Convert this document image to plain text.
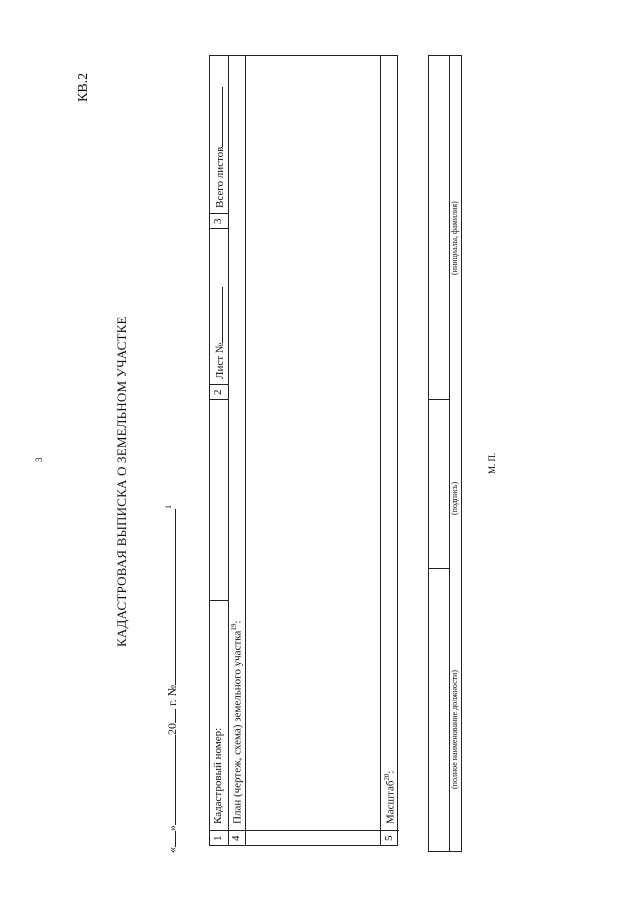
КВ.2
3	КАДАСТРОВАЯ ВЫПИСКА О ЗЕМЕЛЬНОМ УЧАСТКЕ
«»20 г. №$^1$
1
Кадастровый номер:
2
Лист №
3
Всего листов
4
План (чертеж, схема) земельного участка$^{19}$:
5
Масштаб$^{20}$:	(полное наименование должности)
(подпись)
(инициалы, фамилия)
М. П.
